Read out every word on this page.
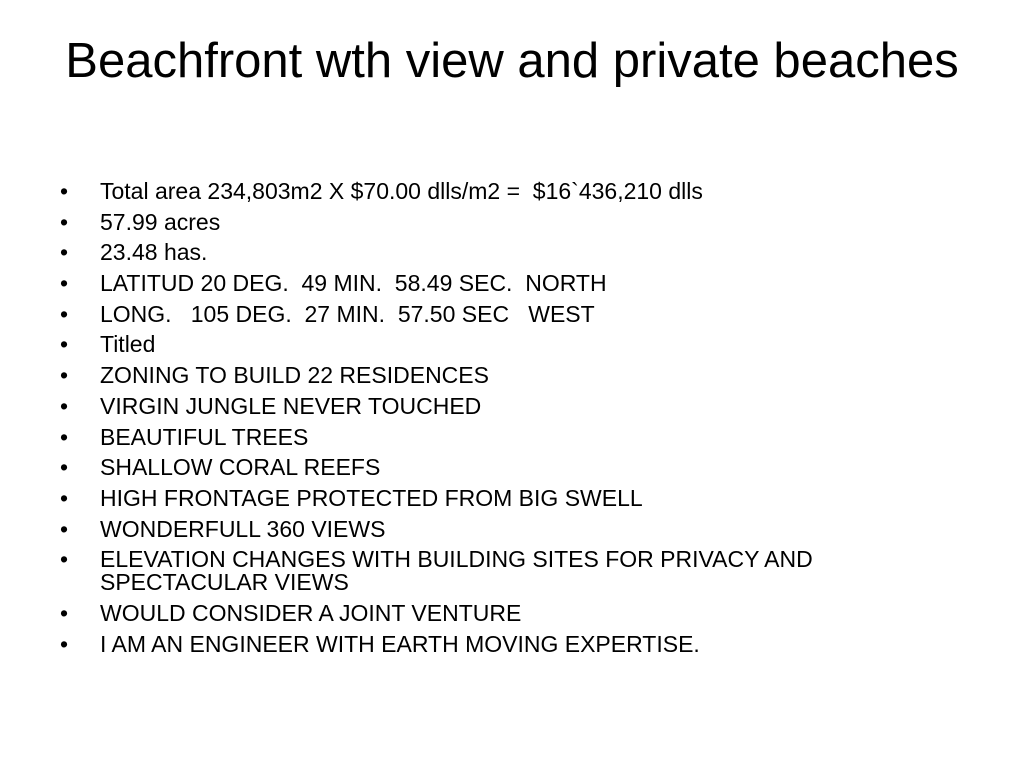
Beachfront wth view and private beaches
• Total area 234,803m2 X $70.00 dlls/m2 =  $16`436,210 dlls
• 57.99 acres
• 23.48 has.
• LATITUD 20 DEG.  49 MIN.  58.49 SEC.  NORTH
• LONG.   105 DEG.  27 MIN.  57.50 SEC   WEST
• Titled
• ZONING TO BUILD 22 RESIDENCES
• VIRGIN JUNGLE NEVER TOUCHED
• BEAUTIFUL TREES
• SHALLOW CORAL REEFS
• HIGH FRONTAGE PROTECTED FROM BIG SWELL
• WONDERFULL 360 VIEWS
• ELEVATION CHANGES WITH BUILDING SITES FOR PRIVACY AND SPECTACULAR VIEWS
• WOULD CONSIDER A JOINT VENTURE
• I AM AN ENGINEER WITH EARTH MOVING EXPERTISE.
